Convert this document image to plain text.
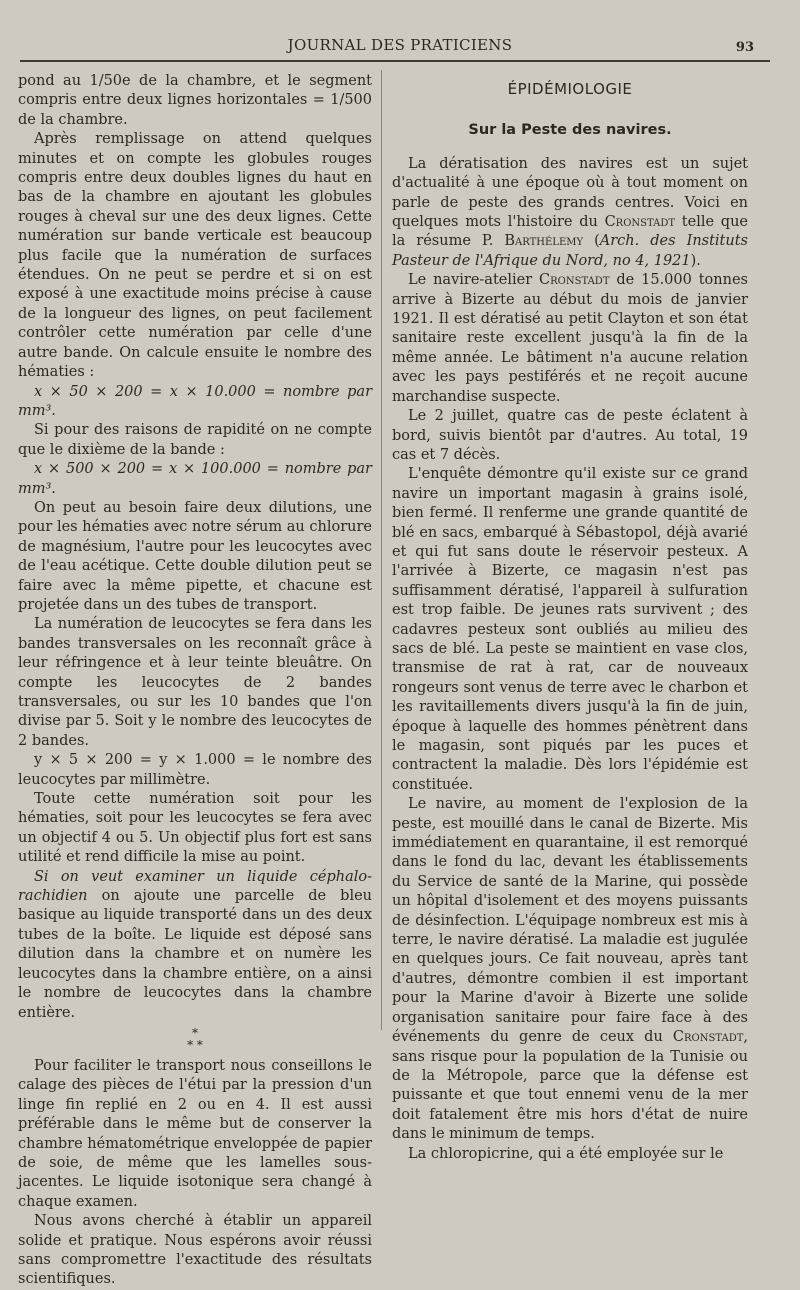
JOURNAL DES PRATICIENS	93

pond au 1/50e de la chambre, et le segment compris entre deux lignes horizontales = 1/500 de la chambre.

Après remplissage on attend quelques minutes et on compte les globules rouges compris entre deux doubles lignes du haut en bas de la chambre en ajoutant les globules rouges à cheval sur une des deux lignes. Cette numération sur bande verticale est beaucoup plus facile que la numération de surfaces étendues. On ne peut se perdre et si on est exposé à une exactitude moins précise à cause de la longueur des lignes, on peut facilement contrôler cette numération par celle d'une autre bande. On calcule ensuite le nombre des hématies :

x × 50 × 200 = x × 10.000 = nombre par mm³.

Si pour des raisons de rapidité on ne compte que le dixième de la bande :

x × 500 × 200 = x × 100.000 = nombre par mm³.

On peut au besoin faire deux dilutions, une pour les hématies avec notre sérum au chlorure de magnésium, l'autre pour les leucocytes avec de l'eau acétique. Cette double dilution peut se faire avec la même pipette, et chacune est projetée dans un des tubes de transport.

La numération de leucocytes se fera dans les bandes transversales on les reconnaît grâce à leur réfringence et à leur teinte bleuâtre. On compte les leucocytes de 2 bandes transversales, ou sur les 10 bandes que l'on divise par 5. Soit y le nombre des leucocytes de 2 bandes.

y × 5 × 200 = y × 1.000 = le nombre des leucocytes par millimètre.

Toute cette numération soit pour les hématies, soit pour les leucocytes se fera avec un objectif 4 ou 5. Un objectif plus fort est sans utilité et rend difficile la mise au point.

Si on veut examiner un liquide céphalo-rachidien on ajoute une parcelle de bleu basique au liquide transporté dans un des deux tubes de la boîte. Le liquide est déposé sans dilution dans la chambre et on numère les leucocytes dans la chambre entière, on a ainsi le nombre de leucocytes dans la chambre entière.

*
* *

Pour faciliter le transport nous conseillons le calage des pièces de l'étui par la pression d'un linge fin replié en 2 ou en 4. Il est aussi préférable dans le même but de conserver la chambre hématométrique enveloppée de papier de soie, de même que les lamelles sous-jacentes. Le liquide isotonique sera changé à chaque examen.

Nous avons cherché à établir un appareil solide et pratique. Nous espérons avoir réussi sans compromettre l'exactitude des résultats scientifiques.

ÉPIDÉMIOLOGIE
Sur la Peste des navires.

La dératisation des navires est un sujet d'actualité à une époque où à tout moment on parle de peste des grands centres. Voici en quelques mots l'histoire du Cronstadt telle que la résume P. Barthélemy (Arch. des Instituts Pasteur de l'Afrique du Nord, no 4, 1921).

Le navire-atelier Cronstadt de 15.000 tonnes arrive à Bizerte au début du mois de janvier 1921. Il est dératisé au petit Clayton et son état sanitaire reste excellent jusqu'à la fin de la même année. Le bâtiment n'a aucune relation avec les pays pestiférés et ne reçoit aucune marchandise suspecte.

Le 2 juillet, quatre cas de peste éclatent à bord, suivis bientôt par d'autres. Au total, 19 cas et 7 décès.

L'enquête démontre qu'il existe sur ce grand navire un important magasin à grains isolé, bien fermé. Il renferme une grande quantité de blé en sacs, embarqué à Sébastopol, déjà avarié et qui fut sans doute le réservoir pesteux. A l'arrivée à Bizerte, ce magasin n'est pas suffisamment dératisé, l'appareil à sulfuration est trop faible. De jeunes rats survivent ; des cadavres pesteux sont oubliés au milieu des sacs de blé. La peste se maintient en vase clos, transmise de rat à rat, car de nouveaux rongeurs sont venus de terre avec le charbon et les ravitaillements divers jusqu'à la fin de juin, époque à laquelle des hommes pénètrent dans le magasin, sont piqués par les puces et contractent la maladie. Dès lors l'épidémie est constituée.

Le navire, au moment de l'explosion de la peste, est mouillé dans le canal de Bizerte. Mis immédiatement en quarantaine, il est remorqué dans le fond du lac, devant les établissements du Service de santé de la Marine, qui possède un hôpital d'isolement et des moyens puissants de désinfection. L'équipage nombreux est mis à terre, le navire dératisé. La maladie est jugulée en quelques jours. Ce fait nouveau, après tant d'autres, démontre combien il est important pour la Marine d'avoir à Bizerte une solide organisation sanitaire pour faire face à des événements du genre de ceux du Cronstadt, sans risque pour la population de la Tunisie ou de la Métropole, parce que la défense est puissante et que tout ennemi venu de la mer doit fatalement être mis hors d'état de nuire dans le minimum de temps.

La chloropicrine, qui a été employée sur le
